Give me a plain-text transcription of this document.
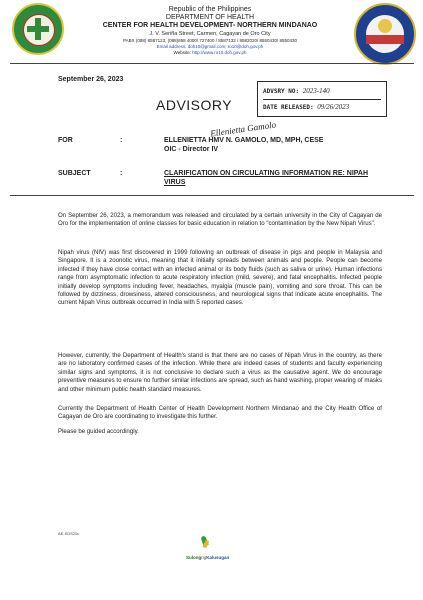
Republic of the Philippines
DEPARTMENT OF HEALTH
CENTER FOR HEALTH DEVELOPMENT- NORTHERN MINDANAO
J. V. Seriña Street, Carmen, Cagayan de Oro City
PABX (088) 8587123, (088)858 4000/ 727400 / 8587132 / 8582020/ 8550430/ 8550430
Email address: doh10@gmail.com; ro10@doh.gov.ph
Website: http://www.ro10.doh.gov.ph
September 26, 2023
ADVSRY NO: 2023-140
DATE RELEASED: 09/26/2023
ADVISORY
Ellenietta Gamolo
FOR	:	ELLENIETTA HMV N. GAMOLO, MD, MPH, CESE
OIC - Director IV
SUBJECT	:	CLARIFICATION ON CIRCULATING INFORMATION RE: NIPAH
VIRUS

On September 26, 2023, a memorandum was released and circulated by a certain university in the City of Cagayan de Oro for the implementation of online classes for basic education in relation to "contamination by the New Nipah Virus".

Nipah virus (NIV) was first discovered in 1999 following an outbreak of disease in pigs and people in Malaysia and Singapore. It is a zoonotic virus, meaning that it initially spreads between animals and people. People can become infected if they have close contact with an infected animal or its body fluids (such as saliva or urine). Human infections range from asymptomatic infection to acute respiratory infection (mild, severe), and fatal encephalitis. Infected people initially develop symptoms including fever, headaches, myalgia (muscle pain), vomiting and sore throat. This can be followed by dizziness, drowsiness, altered consciousness, and neurological signs that indicate acute encephalitis. The current Nipah Virus outbreak occurred in India with 5 reported cases.

However, currently, the Department of Health's stand is that there are no cases of Nipah Virus in the country, as there are no laboratory confirmed cases of the infection. While there are indeed cases of students and faculty experiencing similar signs and symptoms, it is not conclusive to declare such a virus as the causative agent. We do encourage preventive measures to ensure no further similar infections are spread, such as hand washing, proper wearing of masks and other minimum public health standard measures.

Currently the Department of Health Center of Health Development Northern Mindanao and the City Health Office of Cagayan de Oro are coordinating to investigate this further.

Please be guided accordingly.

AE-SDS20c
SulongngKalusugan
